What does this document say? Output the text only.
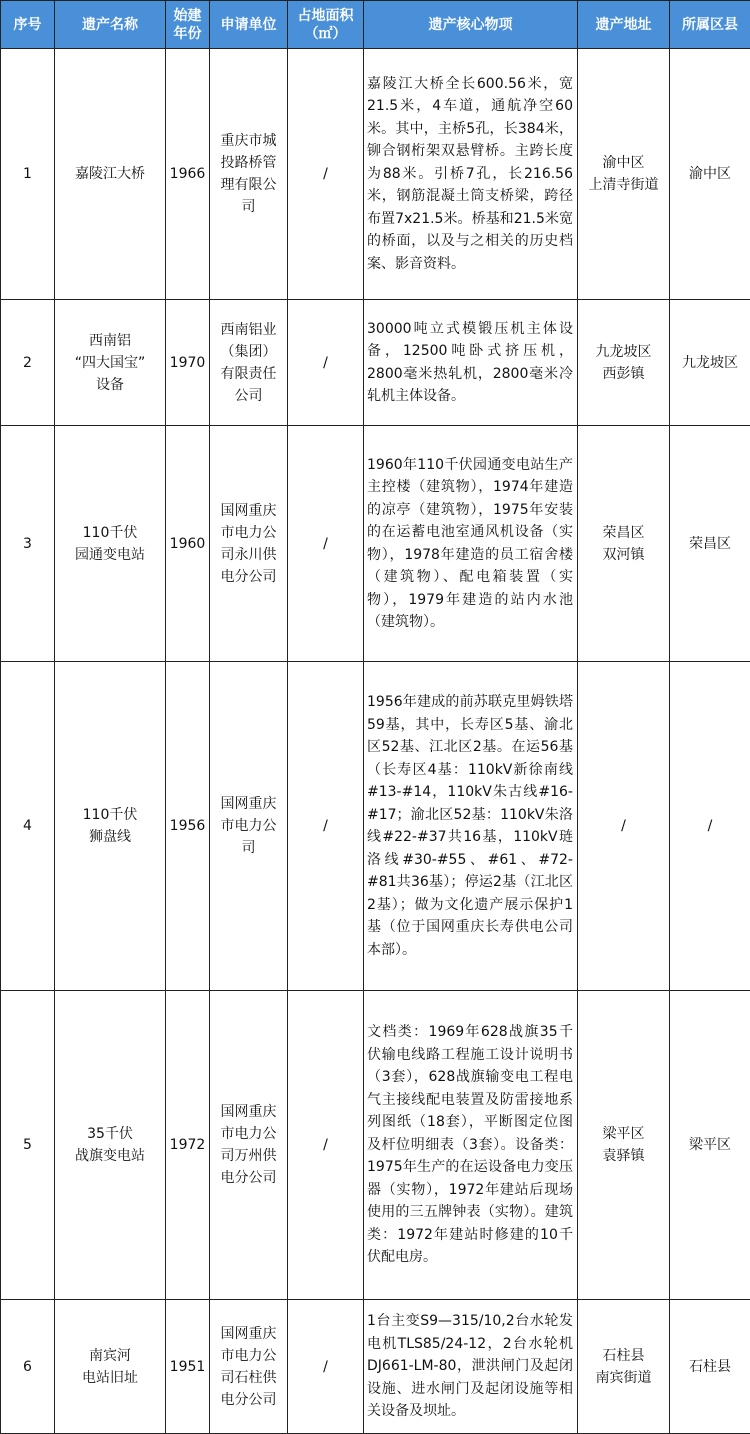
序号	遗产名称	始建
年份	申请单位	占地面积
（㎡）	遗产核心物项	遗产地址	所属区县

1	嘉陵江大桥	1966	重庆市城
投路桥管
理有限公
司	/	嘉陵江大桥全长600.56米，宽21.5米，4车道，通航净空60米。其中，主桥5孔，长384米，铆合钢桁架双悬臂桥。主跨长度为88米。引桥7孔，长216.56米，钢筋混凝土筒支桥梁，跨径布置7x21.5米。桥基和21.5米宽的桥面，以及与之相关的历史档案、影音资料。	渝中区
上清寺街道	渝中区
2	西南铝
“四大国宝”
设备	1970	西南铝业
（集团）
有限责任
公司	/	30000吨立式模锻压机主体设备，12500吨卧式挤压机，2800毫米热轧机，2800毫米冷轧机主体设备。	九龙坡区
西彭镇	九龙坡区
3	110千伏
园通变电站	1960	国网重庆
市电力公
司永川供
电分公司	/	1960年110千伏园通变电站生产主控楼（建筑物），1974年建造的凉亭（建筑物），1975年安装的在运蓄电池室通风机设备（实物），1978年建造的员工宿舍楼（建筑物）、配电箱装置（实物），1979年建造的站内水池（建筑物）。	荣昌区
双河镇	荣昌区
4	110千伏
狮盘线	1956	国网重庆
市电力公
司	/	1956年建成的前苏联克里姆铁塔59基，其中，长寿区5基、渝北区52基、江北区2基。在运56基（长寿区4基：110kV新徐南线#13-#14，110kV朱古线#16-#17；渝北区52基：110kV朱洛线#22-#37共16基，110kV琏洛线#30-#55、#61、#72-#81共36基）；停运2基（江北区2基）；做为文化遗产展示保护1基（位于国网重庆长寿供电公司本部）。	/	/
5	35千伏
战旗变电站	1972	国网重庆
市电力公
司万州供
电分公司	/	文档类：1969年628战旗35千伏输电线路工程施工设计说明书（3套），628战旗输变电工程电气主接线配电装置及防雷接地系列图纸（18套），平断图定位图及杆位明细表（3套）。设备类：1975年生产的在运设备电力变压器（实物），1972年建站后现场使用的三五牌钟表（实物）。建筑类：1972年建站时修建的10千伏配电房。	梁平区
袁驿镇	梁平区
6	南宾河
电站旧址	1951	国网重庆
市电力公
司石柱供
电分公司	/	1台主变S9—315/10,2台水轮发电机TLS85/24-12，2台水轮机DJ661-LM-80，泄洪闸门及起闭设施、进水闸门及起闭设施等相关设备及坝址。	石柱县
南宾街道	石柱县
